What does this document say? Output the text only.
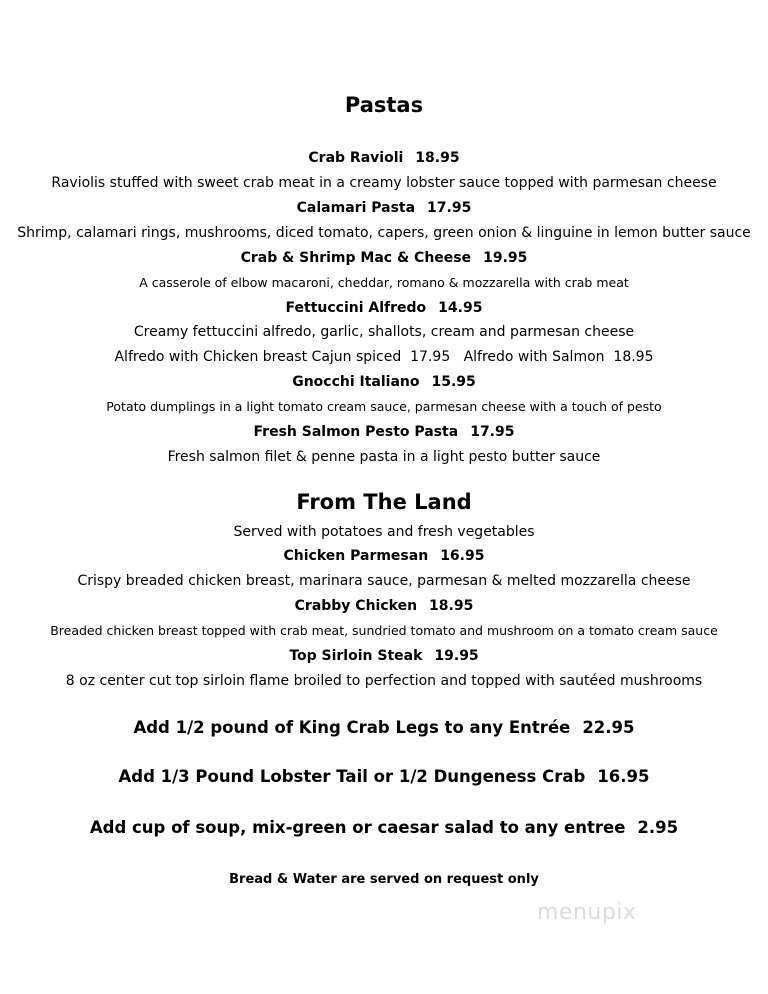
Pastas
Crab Ravioli 18.95
Raviolis stuffed with sweet crab meat in a creamy lobster sauce topped with parmesan cheese
Calamari Pasta 17.95
Shrimp, calamari rings, mushrooms, diced tomato, capers, green onion & linguine in lemon butter sauce
Crab & Shrimp Mac & Cheese 19.95
A casserole of elbow macaroni, cheddar, romano & mozzarella with crab meat
Fettuccini Alfredo 14.95
Creamy fettuccini alfredo, garlic, shallots, cream and parmesan cheese
Alfredo with Chicken breast Cajun spiced  17.95   Alfredo with Salmon  18.95
Gnocchi Italiano 15.95
Potato dumplings in a light tomato cream sauce, parmesan cheese with a touch of pesto
Fresh Salmon Pesto Pasta 17.95
Fresh salmon filet & penne pasta in a light pesto butter sauce
From The Land
Served with potatoes and fresh vegetables
Chicken Parmesan 16.95
Crispy breaded chicken breast, marinara sauce, parmesan & melted mozzarella cheese
Crabby Chicken 18.95
Breaded chicken breast topped with crab meat, sundried tomato and mushroom on a tomato cream sauce
Top Sirloin Steak 19.95
8 oz center cut top sirloin flame broiled to perfection and topped with sautéed mushrooms
Add 1/2 pound of King Crab Legs to any Entrée 22.95
Add 1/3 Pound Lobster Tail or 1/2 Dungeness Crab 16.95
Add cup of soup, mix-green or caesar salad to any entree 2.95
Bread & Water are served on request only
menupix
